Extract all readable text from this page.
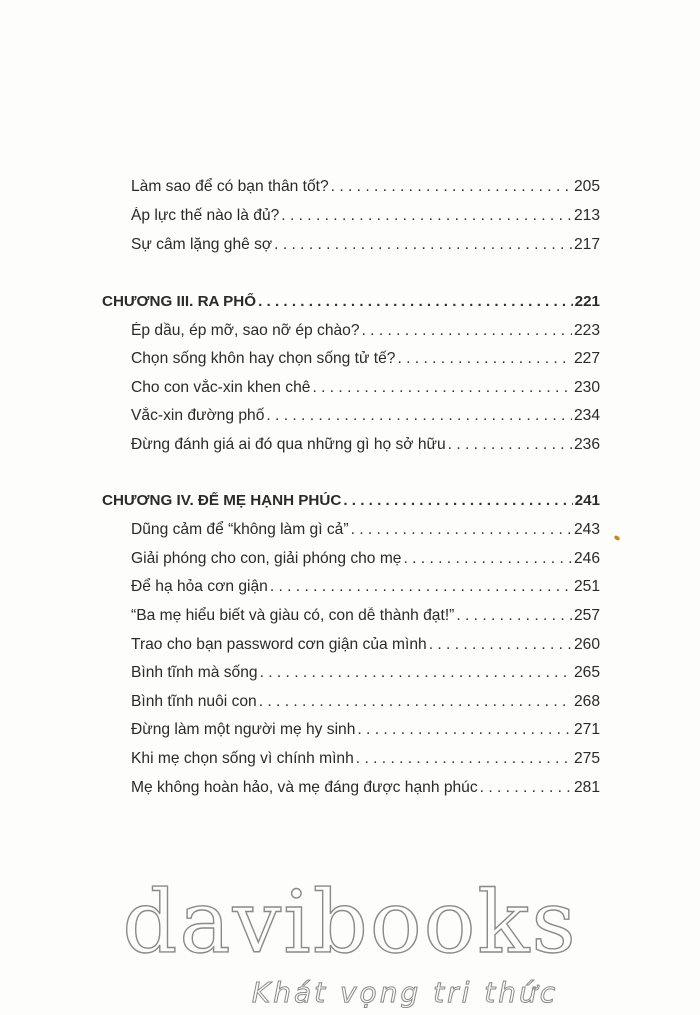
Làm sao để có bạn thân tốt? . . .	205
Áp lực thế nào là đủ? . . .	213
Sự câm lặng ghê sợ . . .	217
CHƯƠNG III. RA PHỐ . . .	221
Ép dầu, ép mỡ, sao nỡ ép chào? . . .	223
Chọn sống khôn hay chọn sống tử tế? . . .	227
Cho con vắc-xin khen chê . . .	230
Vắc-xin đường phố . . .	234
Đừng đánh giá ai đó qua những gì họ sở hữu . . .	236
CHƯƠNG IV. ĐỂ MẸ HẠNH PHÚC . . .	241
Dũng cảm để “không làm gì cả” . . .	243
Giải phóng cho con, giải phóng cho mẹ . . .	246
Để hạ hỏa cơn giận . . .	251
“Ba mẹ hiểu biết và giàu có, con dễ thành đạt!” . . .	257
Trao cho bạn password cơn giận của mình . . .	260
Bình tĩnh mà sống . . .	265
Bình tĩnh nuôi con . . .	268
Đừng làm một người mẹ hy sinh . . .	271
Khi mẹ chọn sống vì chính mình . . .	275
Mẹ không hoàn hảo, và mẹ đáng được hạnh phúc . . .	281
davibooks
Khát vọng tri thức
